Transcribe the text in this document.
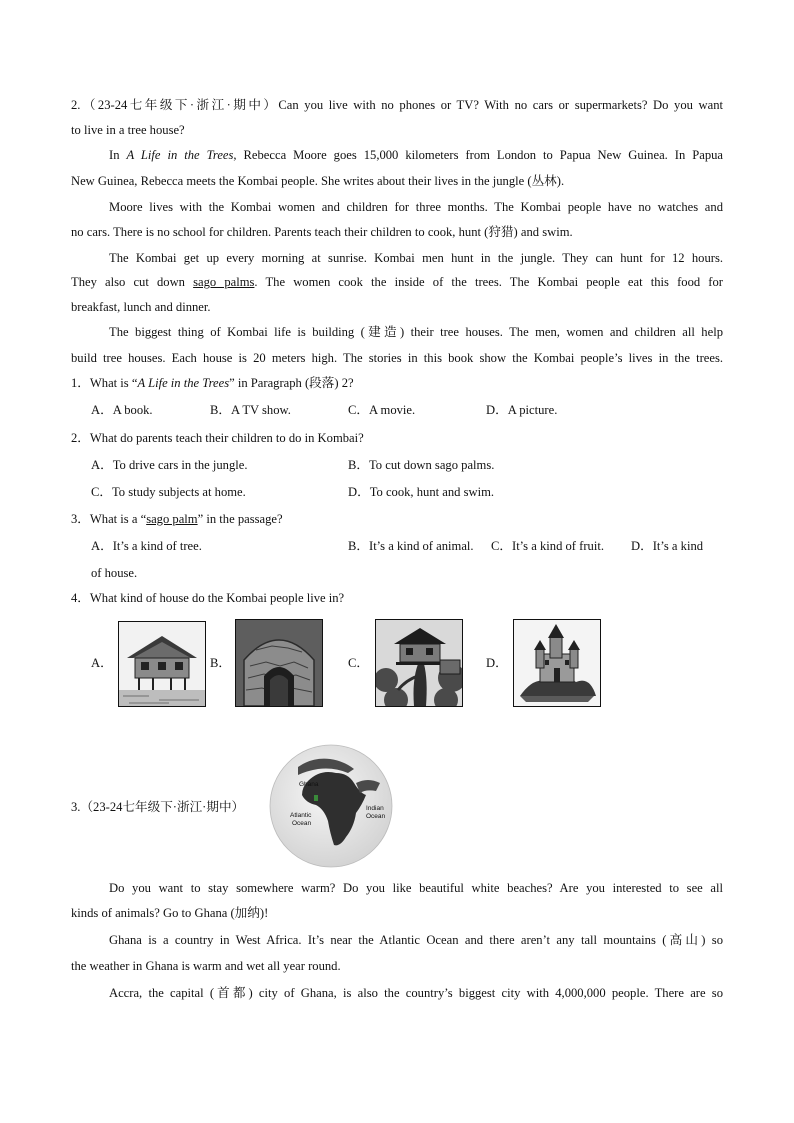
2.（23-24七年级下·浙江·期中）Can you live with no phones or TV? With no cars or supermarkets? Do you want
to live in a tree house?
In A Life in the Trees, Rebecca Moore goes 15,000 kilometers from London to Papua New Guinea. In Papua
New Guinea, Rebecca meets the Kombai people. She writes about their lives in the jungle (丛林).
Moore lives with the Kombai women and children for three months. The Kombai people have no watches and
no cars. There is no school for children. Parents teach their children to cook, hunt (狩猎) and swim.
The Kombai get up every morning at sunrise. Kombai men hunt in the jungle. They can hunt for 12 hours.
They also cut down sago palms. The women cook the inside of the trees. The Kombai people eat this food for
breakfast, lunch and dinner.
The biggest thing of Kombai life is building (建造) their tree houses. The men, women and children all help
build tree houses. Each house is 20 meters high. The stories in this book show the Kombai people’s lives in the trees.
1．What is “A Life in the Trees” in Paragraph (段落) 2?
A．A book.	B．A TV show.	C．A movie.	D．A picture.
2．What do parents teach their children to do in Kombai?
A．To drive cars in the jungle.	B．To cut down sago palms.
C．To study subjects at home.	D．To cook, hunt and swim.
3．What is a “sago palm” in the passage?
A．It’s a kind of tree.	B．It’s a kind of animal. C．It’s a kind of fruit. D．It’s a kind
of house.
4．What kind of house do the Kombai people live in?
A．	B．	C．	D．
3.（23-24七年级下·浙江·期中）
Ghana
Atlantic
Ocean
Indian
Ocean
Do you want to stay somewhere warm? Do you like beautiful white beaches? Are you interested to see all
kinds of animals? Go to Ghana (加纳)!
Ghana is a country in West Africa. It’s near the Atlantic Ocean and there aren’t any tall mountains (高山) so
the weather in Ghana is warm and wet all year round.
Accra, the capital (首都) city of Ghana, is also the country’s biggest city with 4,000,000 people. There are so
